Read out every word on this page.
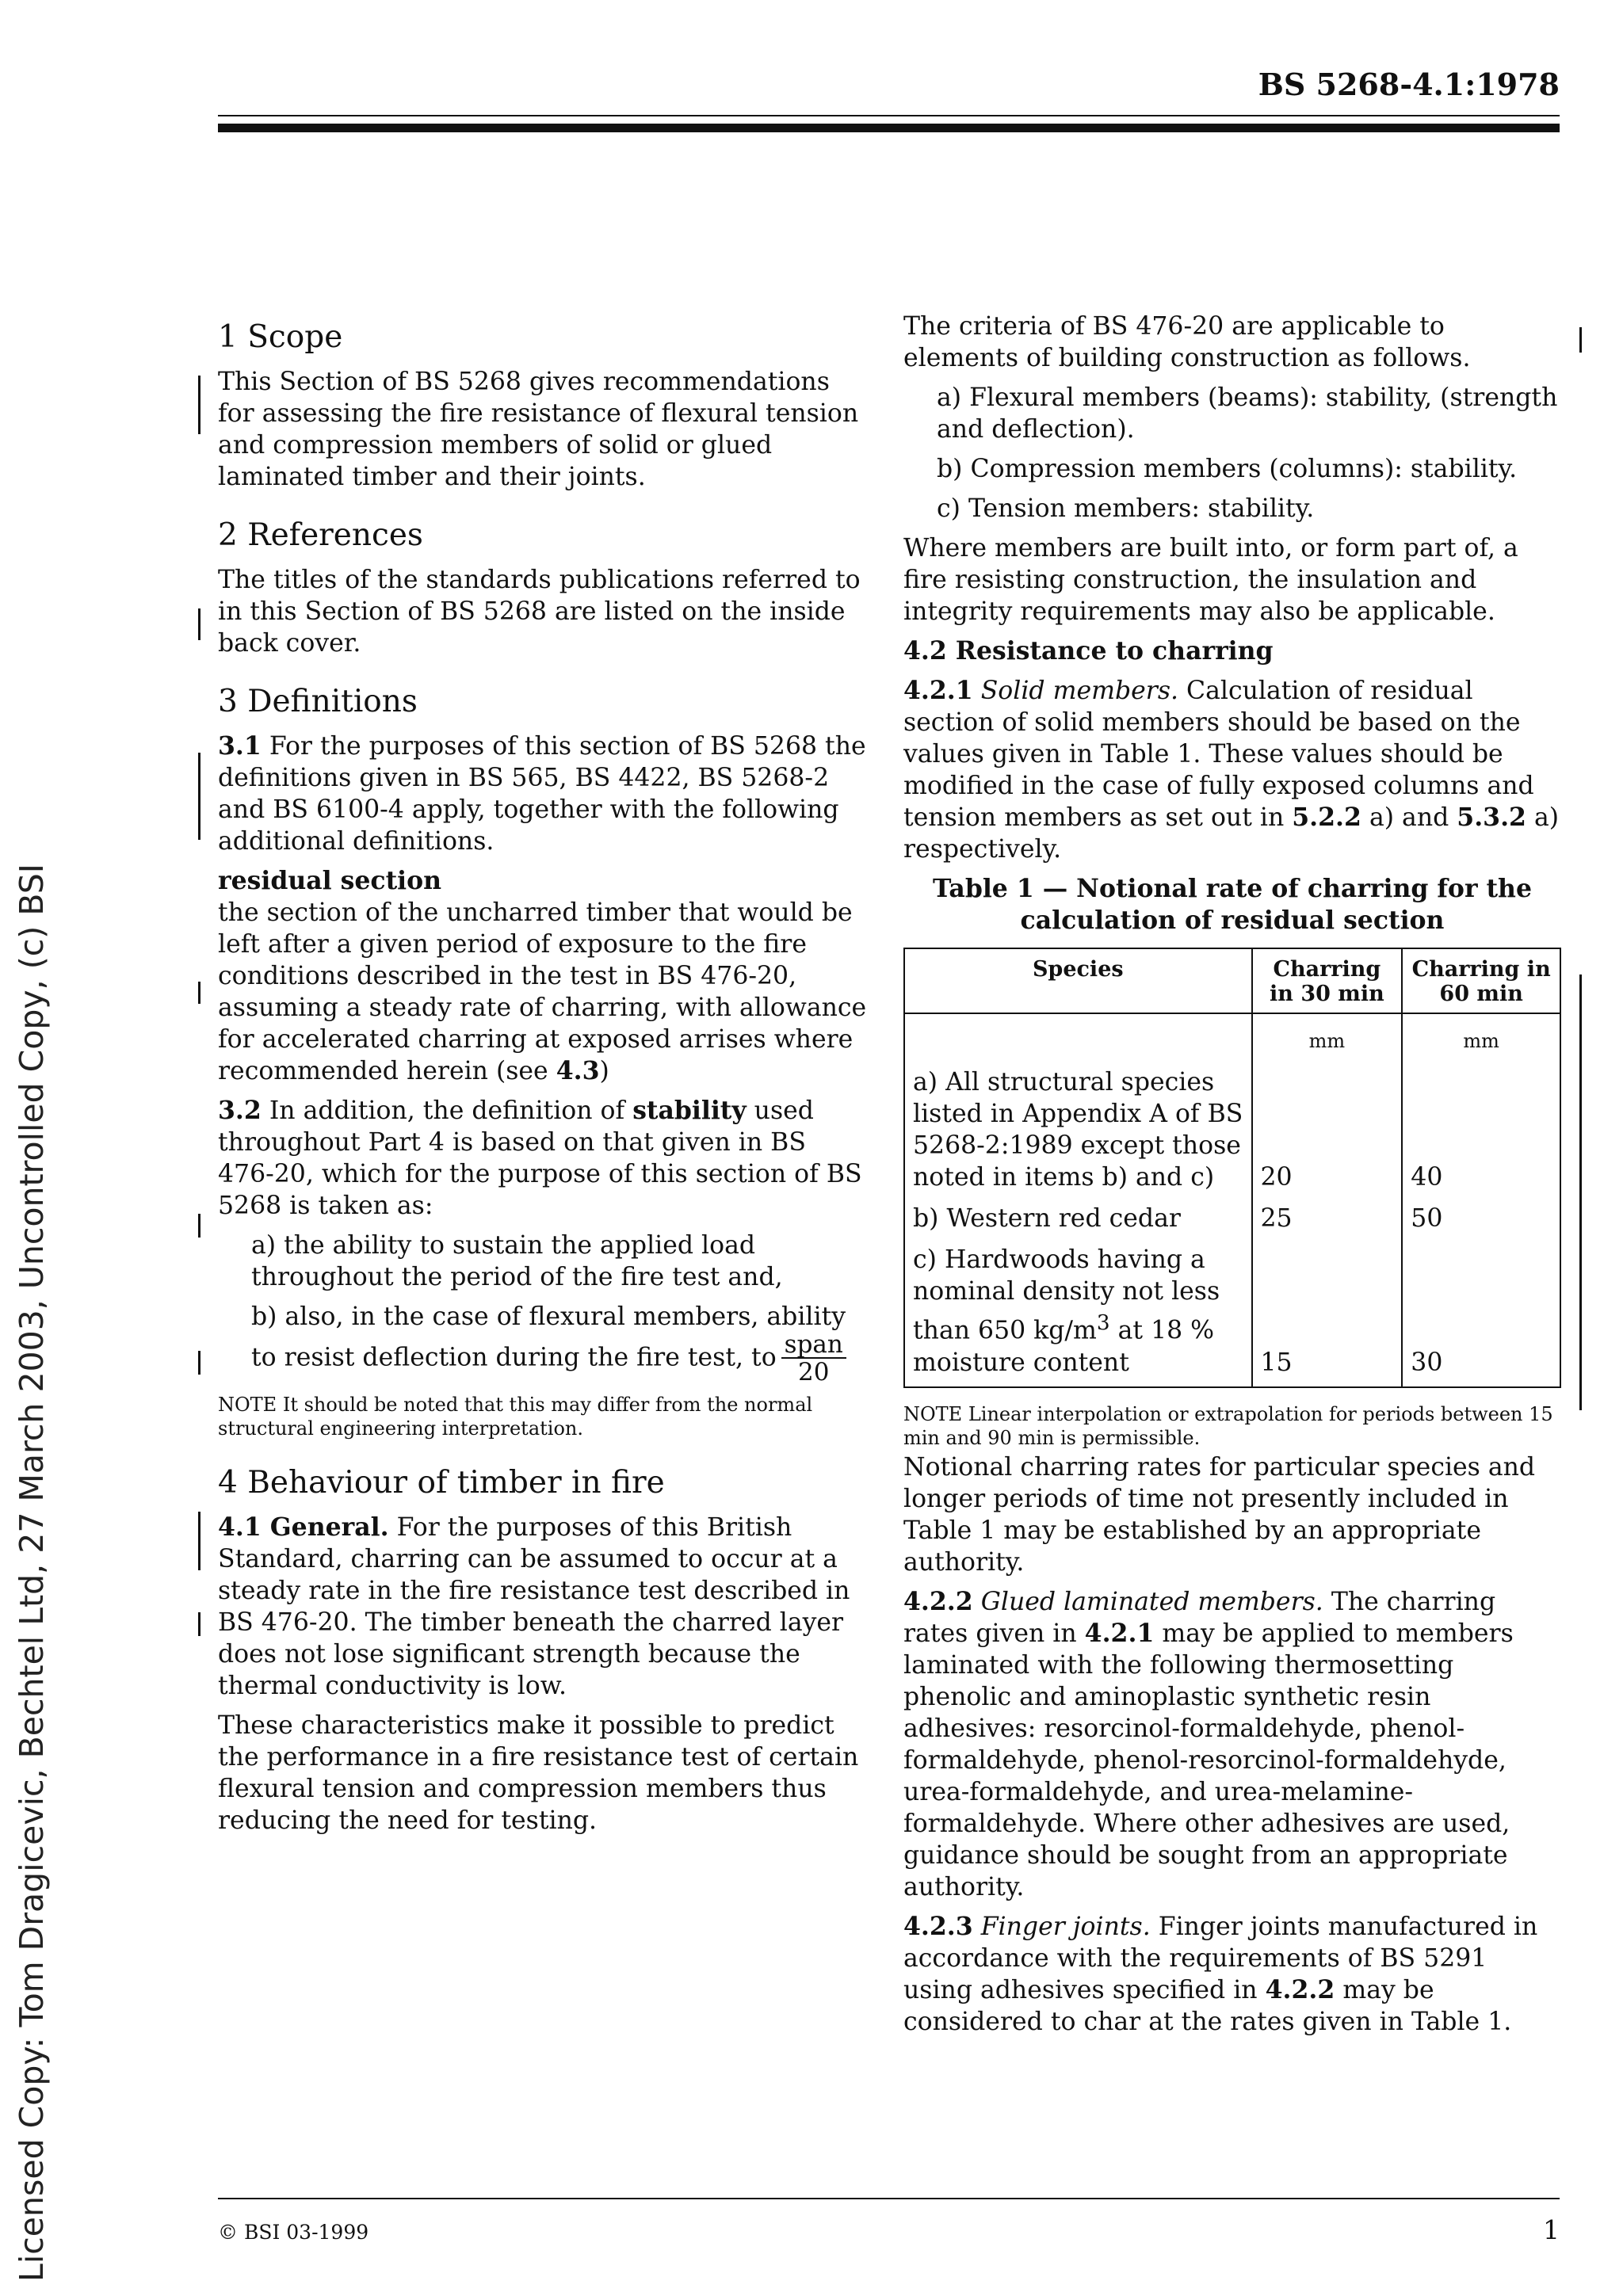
BS 5268-4.1:1978
Licensed Copy: Tom Dragicevic, Bechtel Ltd, 27 March 2003, Uncontrolled Copy, (c) BSI
1 Scope

This Section of BS 5268 gives recommendations for assessing the fire resistance of flexural tension and compression members of solid or glued laminated timber and their joints.

2 References

The titles of the standards publications referred to in this Section of BS 5268 are listed on the inside back cover.

3 Definitions

3.1 For the purposes of this section of BS 5268 the definitions given in BS 565, BS 4422, BS 5268-2 and BS 6100-4 apply, together with the following additional definitions.

residual section

the section of the uncharred timber that would be left after a given period of exposure to the fire conditions described in the test in BS 476-20, assuming a steady rate of charring, with allowance for accelerated charring at exposed arrises where recommended herein (see 4.3)

3.2 In addition, the definition of stability used throughout Part 4 is based on that given in BS 476-20, which for the purpose of this section of BS 5268 is taken as:

a) the ability to sustain the applied load throughout the period of the fire test and,

b) also, in the case of flexural members, ability to resist deflection during the fire test, to $\frac{\text{span}}{20}$

NOTE It should be noted that this may differ from the normal structural engineering interpretation.

4 Behaviour of timber in fire

4.1 General. For the purposes of this British Standard, charring can be assumed to occur at a steady rate in the fire resistance test described in BS 476-20. The timber beneath the charred layer does not lose significant strength because the thermal conductivity is low.

These characteristics make it possible to predict the performance in a fire resistance test of certain flexural tension and compression members thus reducing the need for testing.

The criteria of BS 476-20 are applicable to elements of building construction as follows.

a) Flexural members (beams): stability, (strength and deflection).

b) Compression members (columns): stability.

c) Tension members: stability.

Where members are built into, or form part of, a fire resisting construction, the insulation and integrity requirements may also be applicable.

4.2 Resistance to charring

4.2.1 Solid members. Calculation of residual section of solid members should be based on the values given in Table 1. These values should be modified in the case of fully exposed columns and tension members as set out in 5.2.2 a) and 5.3.2 a) respectively.

Table 1 — Notional rate of charring for the
calculation of residual section
Species	Charring in 30 min	Charring in 60 min
	mm	mm
a) All structural species listed in Appendix A of BS 5268-2:1989 except those noted in items b) and c)	20	40
b) Western red cedar	25	50
c) Hardwoods having a nominal density not less than 650 $kg/m^3$ at 18 % moisture content	15	30

NOTE Linear interpolation or extrapolation for periods between 15 min and 90 min is permissible.

Notional charring rates for particular species and longer periods of time not presently included in Table 1 may be established by an appropriate authority.

4.2.2 Glued laminated members. The charring rates given in 4.2.1 may be applied to members laminated with the following thermosetting phenolic and aminoplastic synthetic resin adhesives: resorcinol-formaldehyde, phenol-formaldehyde, phenol-resorcinol-formaldehyde, urea-formaldehyde, and urea-melamine-formaldehyde. Where other adhesives are used, guidance should be sought from an appropriate authority.

4.2.3 Finger joints. Finger joints manufactured in accordance with the requirements of BS 5291 using adhesives specified in 4.2.2 may be considered to char at the rates given in Table 1.

© BSI 03-1999	1
